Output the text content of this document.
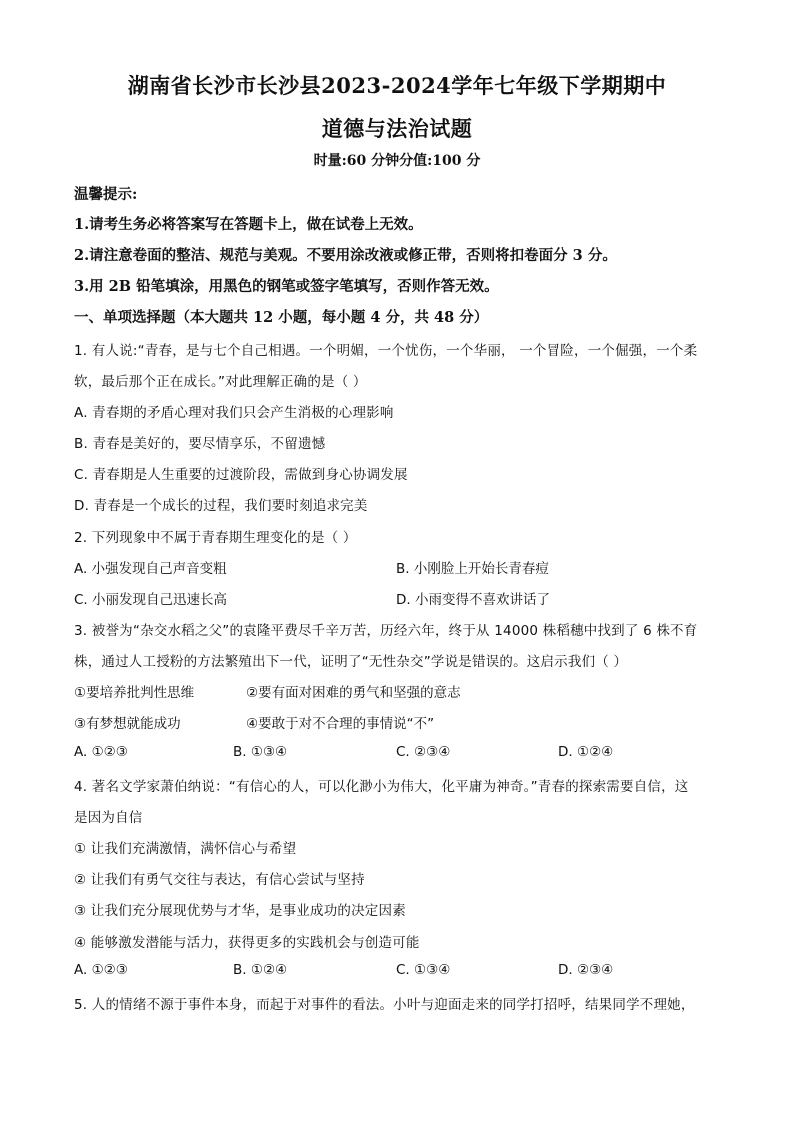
湖南省长沙市长沙县2023-2024学年七年级下学期期中
道德与法治试题
时量:60 分钟分值:100 分
温馨提示:
1.请考生务必将答案写在答题卡上，做在试卷上无效。
2.请注意卷面的整洁、规范与美观。不要用涂改液或修正带，否则将扣卷面分 3 分。
3.用 2B 铅笔填涂，用黑色的钢笔或签字笔填写，否则作答无效。
一、单项选择题（本大题共 12 小题，每小题 4 分，共 48 分）
1. 有人说:“青春，是与七个自己相遇。一个明媚，一个忧伤，一个华丽， 一个冒险，一个倔强，一个柔
软，最后那个正在成长。”对此理解正确的是（ ）
A. 青春期的矛盾心理对我们只会产生消极的心理影响
B. 青春是美好的，要尽情享乐，不留遗憾
C. 青春期是人生重要的过渡阶段，需做到身心协调发展
D. 青春是一个成长的过程，我们要时刻追求完美
2. 下列现象中不属于青春期生理变化的是（ ）
A. 小强发现自己声音变粗	B. 小刚脸上开始长青春痘
C. 小丽发现自己迅速长高	D. 小雨变得不喜欢讲话了
3. 被誉为“杂交水稻之父”的袁隆平费尽千辛万苦，历经六年，终于从 14000 株稻穗中找到了 6 株不育
株，通过人工授粉的方法繁殖出下一代，证明了“无性杂交”学说是错误的。这启示我们（ ）
①要培养批判性思维	②要有面对困难的勇气和坚强的意志
③有梦想就能成功	④要敢于对不合理的事情说“不”
A. ①②③	B. ①③④	C. ②③④	D. ①②④
4. 著名文学家萧伯纳说：“有信心的人，可以化渺小为伟大，化平庸为神奇。”青春的探索需要自信，这
是因为自信
① 让我们充满激情，满怀信心与希望
② 让我们有勇气交往与表达，有信心尝试与坚持
③ 让我们充分展现优势与才华，是事业成功的决定因素
④ 能够激发潜能与活力，获得更多的实践机会与创造可能
A. ①②③	B. ①②④	C. ①③④	D. ②③④
5. 人的情绪不源于事件本身，而起于对事件的看法。小叶与迎面走来的同学打招呼，结果同学不理她，
